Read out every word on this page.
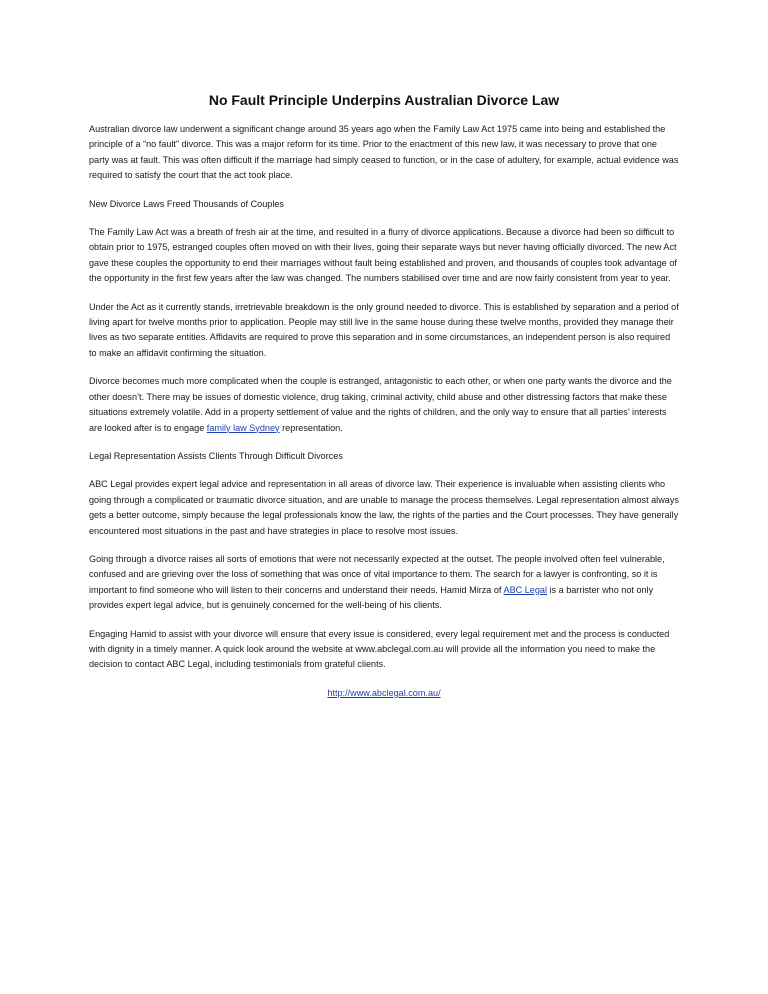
No Fault Principle Underpins Australian Divorce Law

Australian divorce law underwent a significant change around 35 years ago when the Family Law Act 1975 came into being and established the principle of a “no fault” divorce. This was a major reform for its time. Prior to the enactment of this new law, it was necessary to prove that one party was at fault. This was often difficult if the marriage had simply ceased to function, or in the case of adultery, for example, actual evidence was required to satisfy the court that the act took place.

New Divorce Laws Freed Thousands of Couples

The Family Law Act was a breath of fresh air at the time, and resulted in a flurry of divorce applications. Because a divorce had been so difficult to obtain prior to 1975, estranged couples often moved on with their lives, going their separate ways but never having officially divorced. The new Act gave these couples the opportunity to end their marriages without fault being established and proven, and thousands of couples took advantage of the opportunity in the first few years after the law was changed. The numbers stabilised over time and are now fairly consistent from year to year.

Under the Act as it currently stands, irretrievable breakdown is the only ground needed to divorce. This is established by separation and a period of living apart for twelve months prior to application. People may still live in the same house during these twelve months, provided they manage their lives as two separate entities. Affidavits are required to prove this separation and in some circumstances, an independent person is also required to make an affidavit confirming the situation.

Divorce becomes much more complicated when the couple is estranged, antagonistic to each other, or when one party wants the divorce and the other doesn’t. There may be issues of domestic violence, drug taking, criminal activity, child abuse and other distressing factors that make these situations extremely volatile. Add in a property settlement of value and the rights of children, and the only way to ensure that all parties’ interests are looked after is to engage family law Sydney representation.

Legal Representation Assists Clients Through Difficult Divorces

ABC Legal provides expert legal advice and representation in all areas of divorce law. Their experience is invaluable when assisting clients who going through a complicated or traumatic divorce situation, and are unable to manage the process themselves. Legal representation almost always gets a better outcome, simply because the legal professionals know the law, the rights of the parties and the Court processes. They have generally encountered most situations in the past and have strategies in place to resolve most issues.

Going through a divorce raises all sorts of emotions that were not necessarily expected at the outset. The people involved often feel vulnerable, confused and are grieving over the loss of something that was once of vital importance to them. The search for a lawyer is confronting, so it is important to find someone who will listen to their concerns and understand their needs. Hamid Mirza of ABC Legal is a barrister who not only provides expert legal advice, but is genuinely concerned for the well-being of his clients.

Engaging Hamid to assist with your divorce will ensure that every issue is considered, every legal requirement met and the process is conducted with dignity in a timely manner. A quick look around the website at www.abclegal.com.au will provide all the information you need to make the decision to contact ABC Legal, including testimonials from grateful clients.

http://www.abclegal.com.au/
